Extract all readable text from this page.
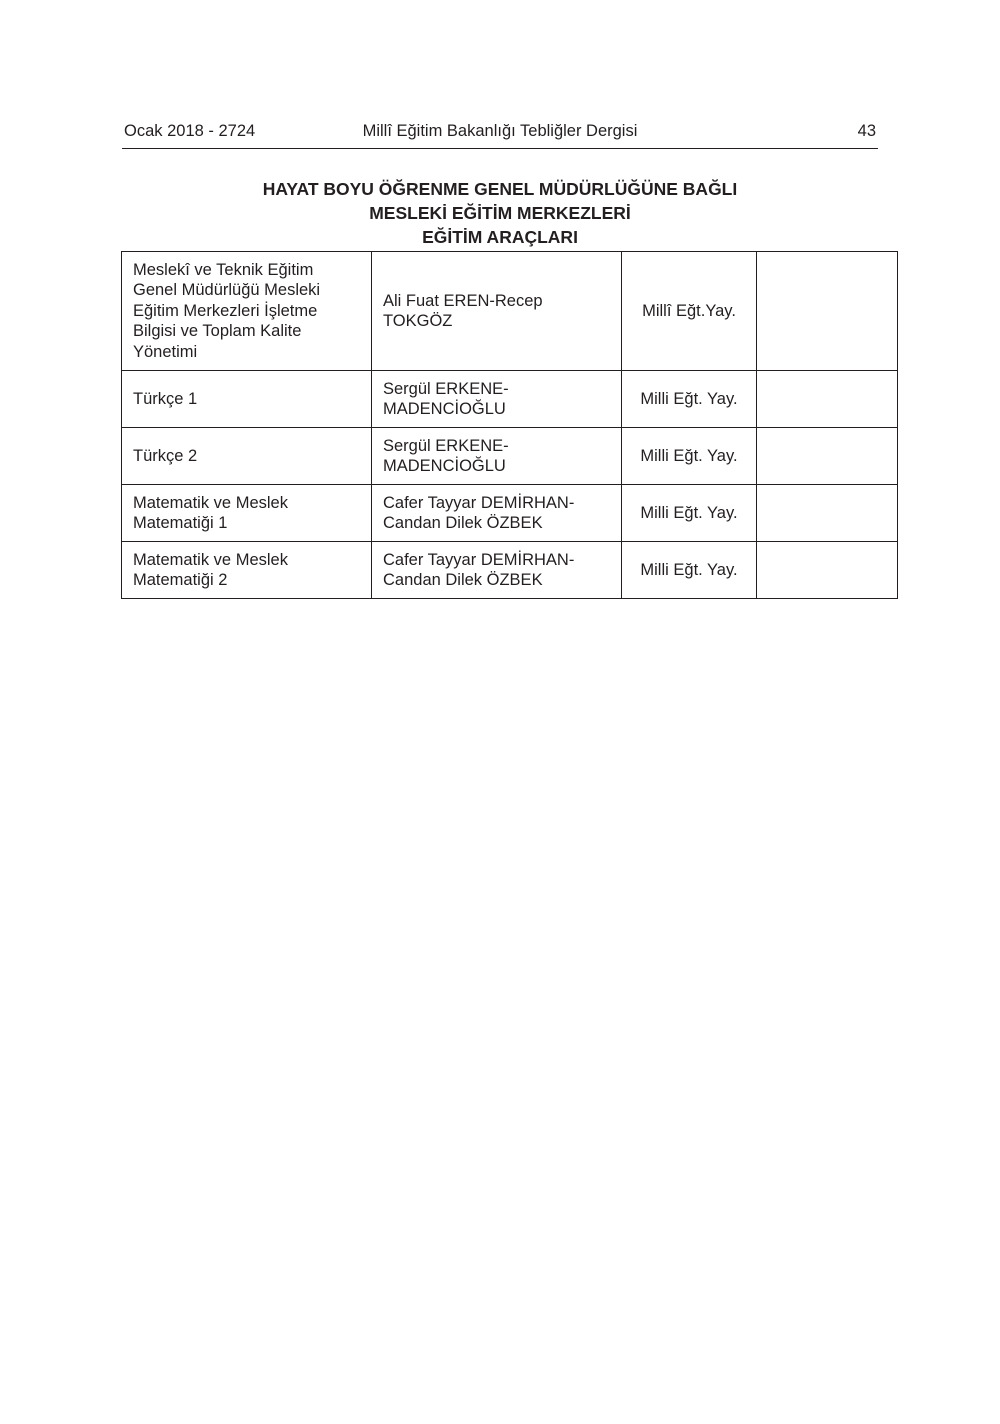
Ocak 2018 - 2724	Millî Eğitim Bakanlığı Tebliğler Dergisi	43
HAYAT BOYU ÖĞRENME GENEL MÜDÜRLÜĞÜNE BAĞLI
MESLEKİ EĞİTİM MERKEZLERİ
EĞİTİM ARAÇLARI
Meslekî ve Teknik Eğitim Genel Müdürlüğü Mesleki Eğitim Merkezleri İşletme Bilgisi ve Toplam Kalite Yönetimi	Ali Fuat EREN-Recep TOKGÖZ	Millî Eğt.Yay.	
Türkçe 1	Sergül ERKENE-MADENCİOĞLU	Milli Eğt. Yay.	
Türkçe 2	Sergül ERKENE-MADENCİOĞLU	Milli Eğt. Yay.	
Matematik ve Meslek Matematiği 1	Cafer Tayyar DEMİRHAN-Candan Dilek ÖZBEK	Milli Eğt. Yay.	
Matematik ve Meslek Matematiği 2	Cafer Tayyar DEMİRHAN-Candan Dilek ÖZBEK	Milli Eğt. Yay.	
